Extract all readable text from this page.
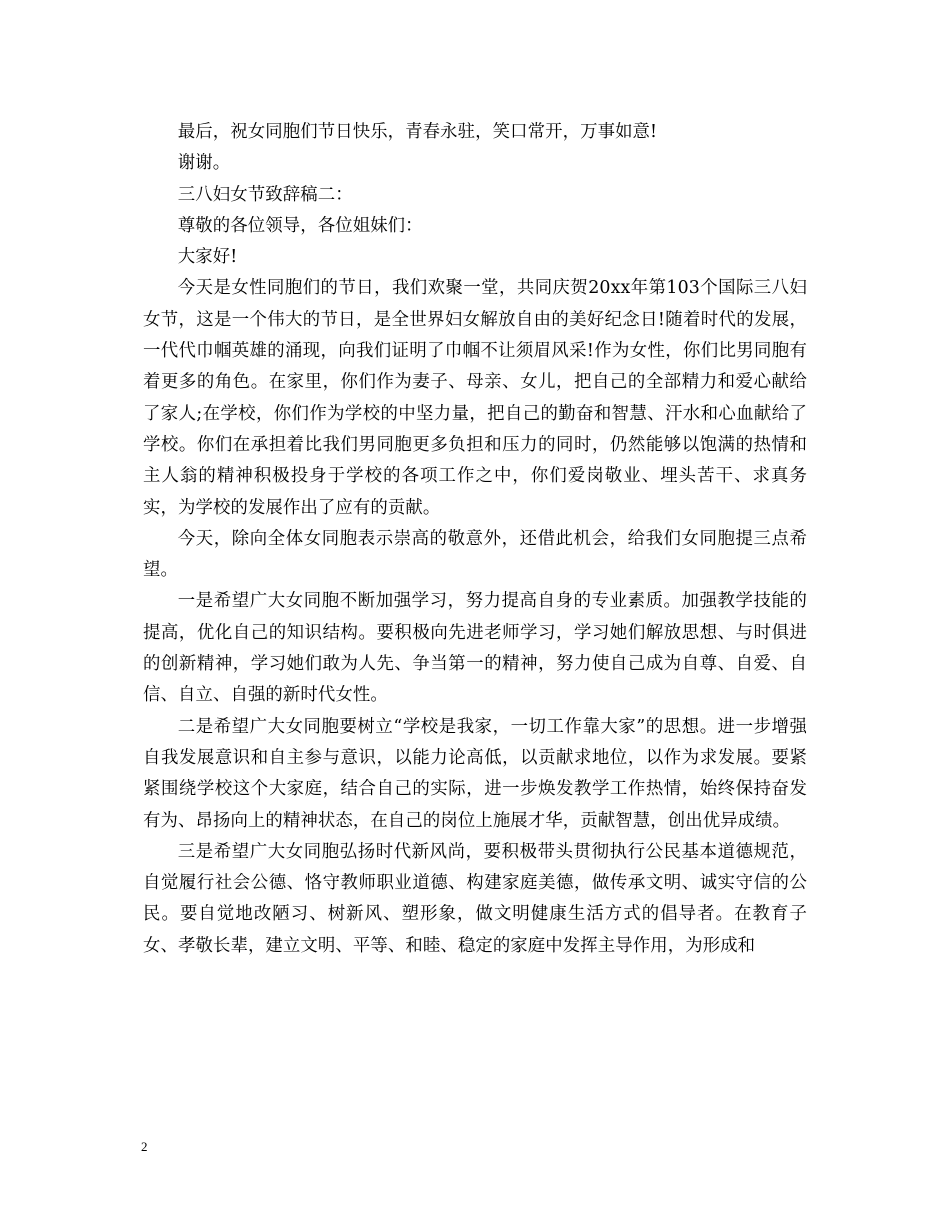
最后，祝女同胞们节日快乐，青春永驻，笑口常开，万事如意!

谢谢。

三八妇女节致辞稿二：

尊敬的各位领导，各位姐妹们：

大家好!

今天是女性同胞们的节日，我们欢聚一堂，共同庆贺20xx年第103个国际三八妇女节，这是一个伟大的节日，是全世界妇女解放自由的美好纪念日!随着时代的发展，一代代巾帼英雄的涌现，向我们证明了巾帼不让须眉风采!作为女性，你们比男同胞有着更多的角色。在家里，你们作为妻子、母亲、女儿，把自己的全部精力和爱心献给了家人;在学校，你们作为学校的中坚力量，把自己的勤奋和智慧、汗水和心血献给了学校。你们在承担着比我们男同胞更多负担和压力的同时，仍然能够以饱满的热情和主人翁的精神积极投身于学校的各项工作之中，你们爱岗敬业、埋头苦干、求真务实，为学校的发展作出了应有的贡献。

今天，除向全体女同胞表示崇高的敬意外，还借此机会，给我们女同胞提三点希望。

一是希望广大女同胞不断加强学习，努力提高自身的专业素质。加强教学技能的提高，优化自己的知识结构。要积极向先进老师学习，学习她们解放思想、与时俱进的创新精神，学习她们敢为人先、争当第一的精神，努力使自己成为自尊、自爱、自信、自立、自强的新时代女性。

二是希望广大女同胞要树立“学校是我家，一切工作靠大家”的思想。进一步增强自我发展意识和自主参与意识，以能力论高低，以贡献求地位，以作为求发展。要紧紧围绕学校这个大家庭，结合自己的实际，进一步焕发教学工作热情，始终保持奋发有为、昂扬向上的精神状态，在自己的岗位上施展才华，贡献智慧，创出优异成绩。

三是希望广大女同胞弘扬时代新风尚，要积极带头贯彻执行公民基本道德规范，自觉履行社会公德、恪守教师职业道德、构建家庭美德，做传承文明、诚实守信的公民。要自觉地改陋习、树新风、塑形象，做文明健康生活方式的倡导者。在教育子女、孝敬长辈，建立文明、平等、和睦、稳定的家庭中发挥主导作用，为形成和

2
